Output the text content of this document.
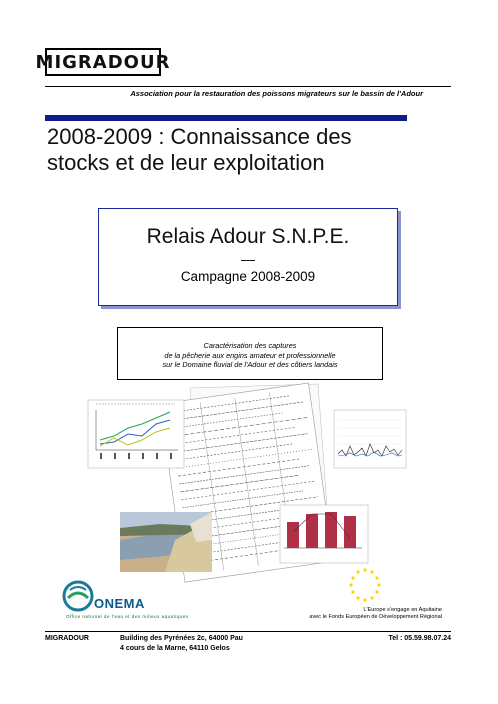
MIGRADOUR
Association pour la restauration des poissons migrateurs sur le bassin de l'Adour
2008-2009 : Connaissance des
stocks et de leur exploitation
Relais Adour S.N.P.E.
—
Campagne 2008-2009
Caractérisation des captures
de la pêcherie aux engins amateur et professionnelle
sur le Domaine fluvial de l'Adour et des côtiers landais
L'Europe s'engage en Aquitaine
avec le Fonds Européen de Développement Régional
ONEMA
Office national de l'eau et des milieux aquatiques
MIGRADOUR	Building des Pyrénées 2c, 64000 Pau
4 cours de la Marne, 64110 Gelos
Tel : 05.59.98.07.24
